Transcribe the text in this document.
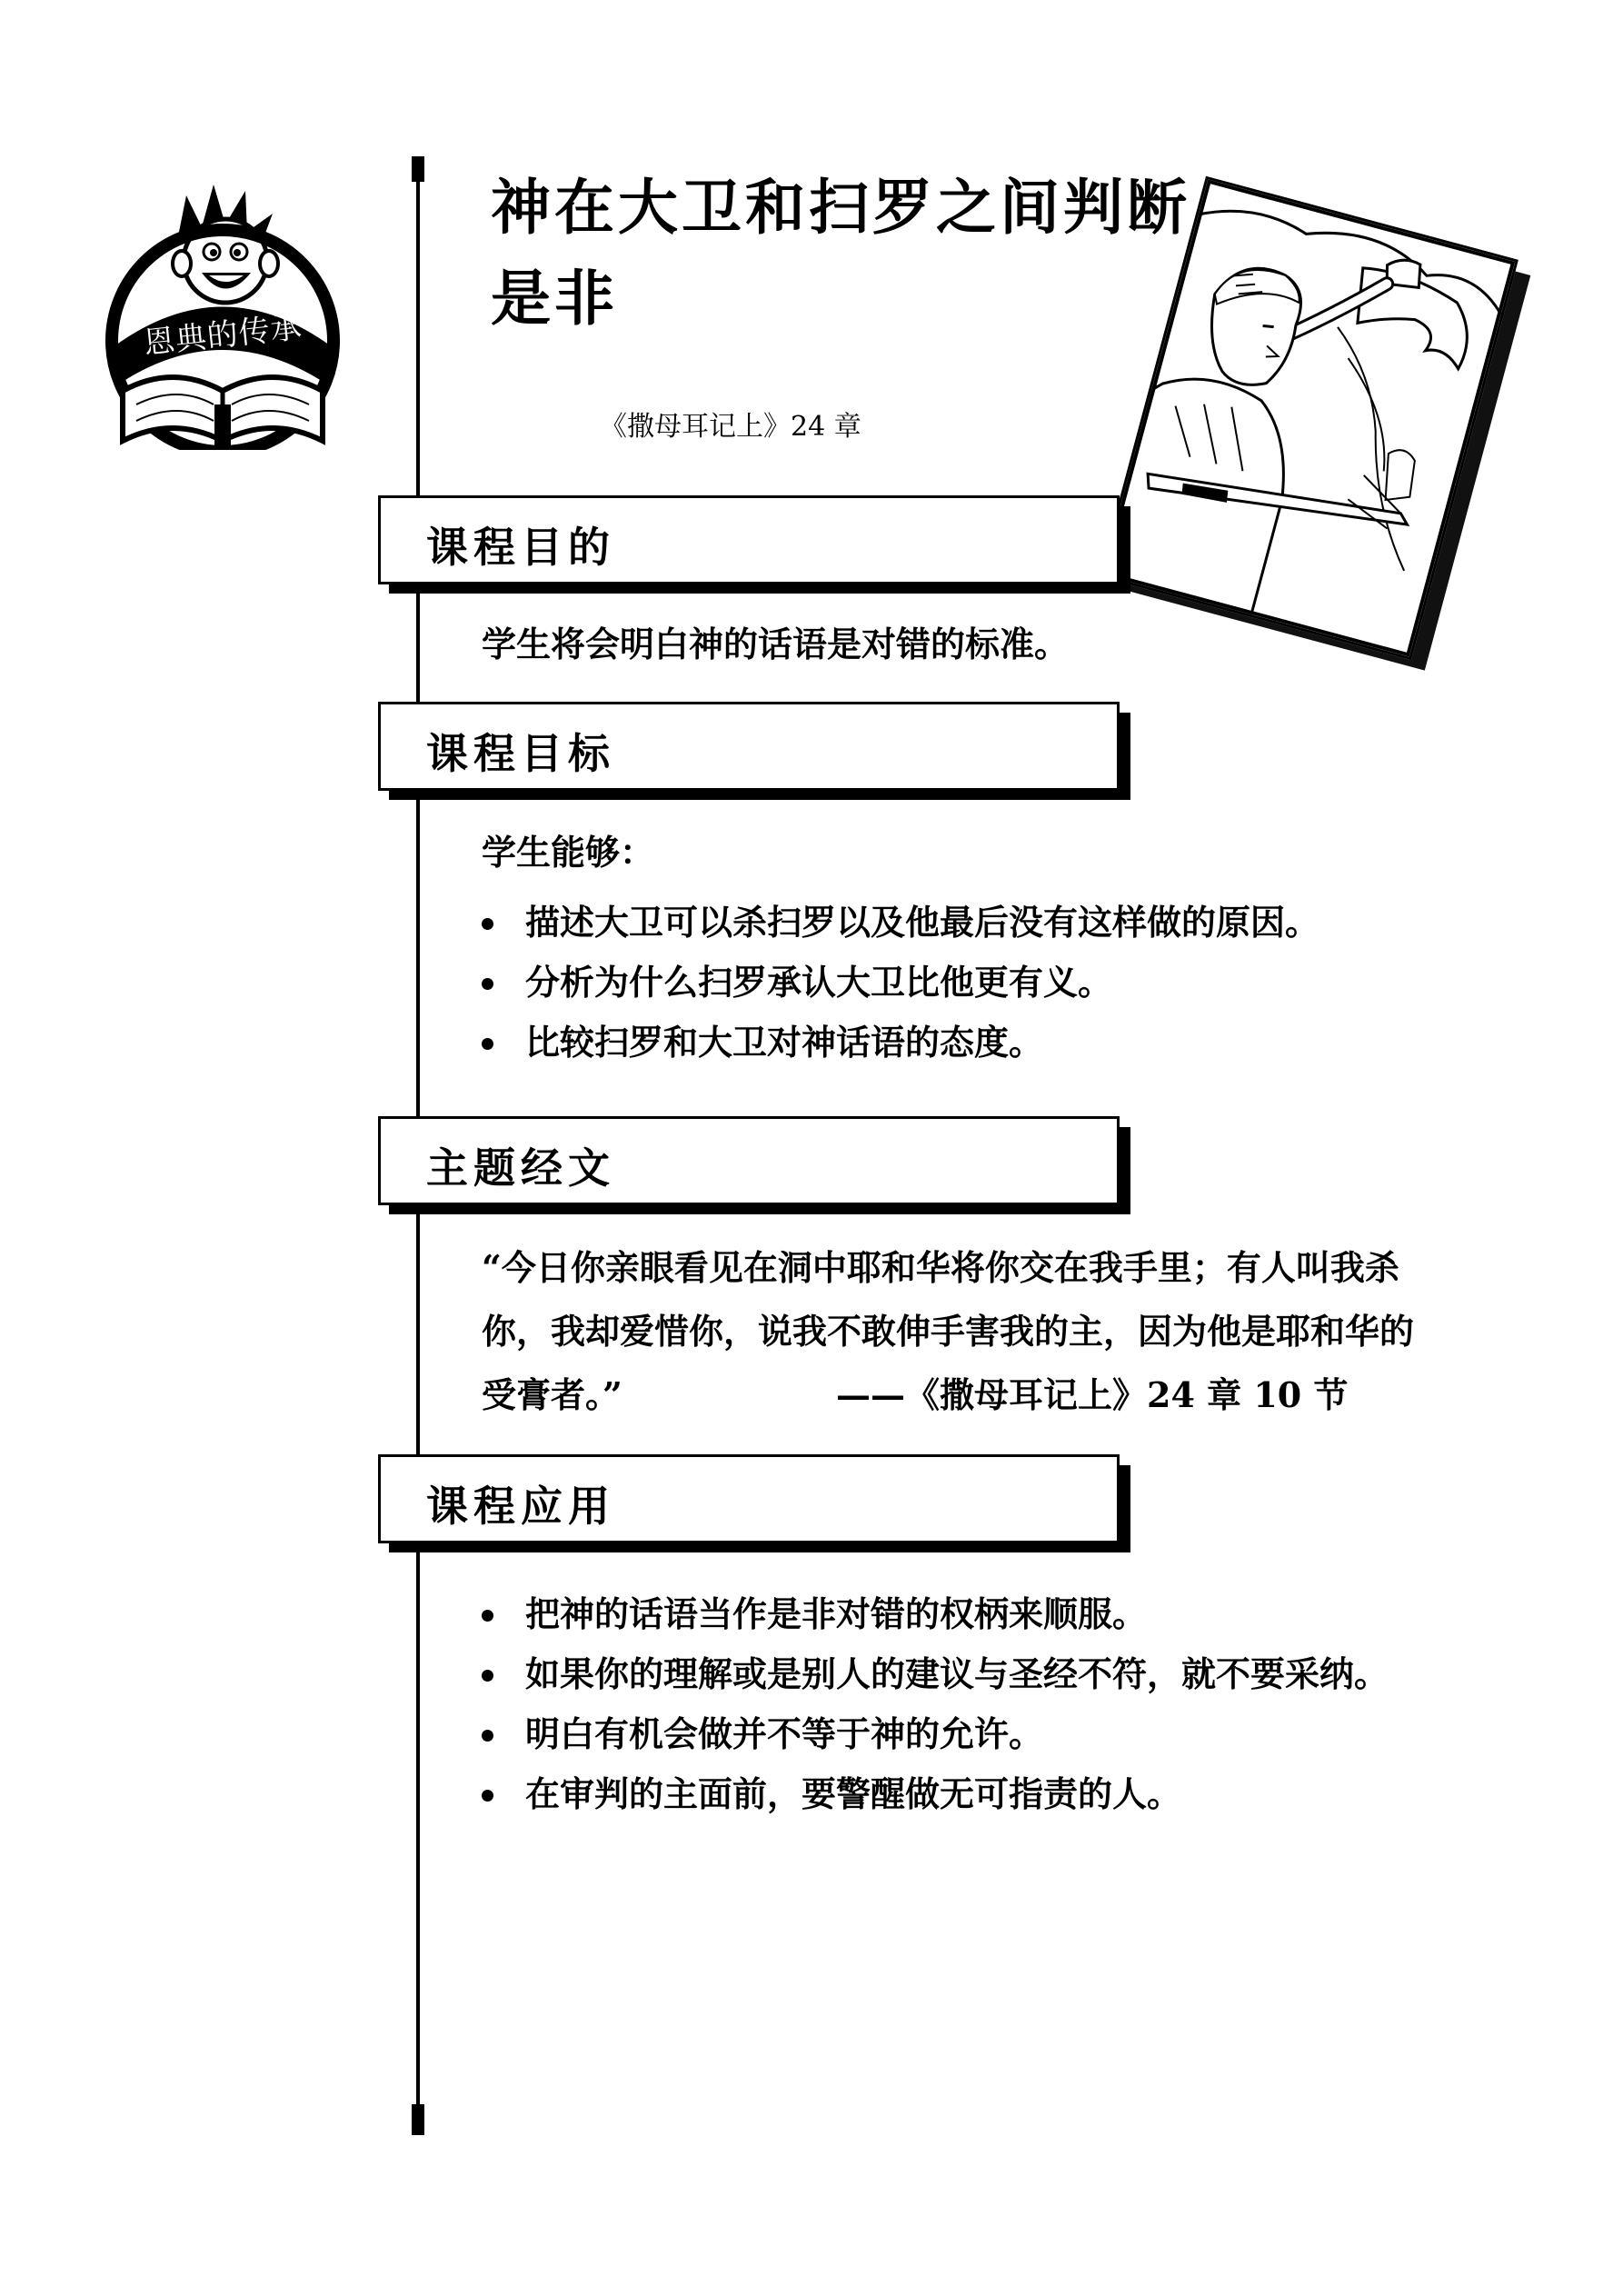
恩典的传承
神在大卫和扫罗之间判断
是非
《撒母耳记上》24 章
课程目的
学生将会明白神的话语是对错的标准。
课程目标
学生能够：
描述大卫可以杀扫罗以及他最后没有这样做的原因。
分析为什么扫罗承认大卫比他更有义。
比较扫罗和大卫对神话语的态度。
主题经文
“今日你亲眼看见在洞中耶和华将你交在我手里；有人叫我杀
你，我却爱惜你，说我不敢伸手害我的主，因为他是耶和华的
受膏者。”	——《撒母耳记上》24 章 10 节
课程应用
把神的话语当作是非对错的权柄来顺服。
如果你的理解或是别人的建议与圣经不符，就不要采纳。
明白有机会做并不等于神的允许。
在审判的主面前，要警醒做无可指责的人。
